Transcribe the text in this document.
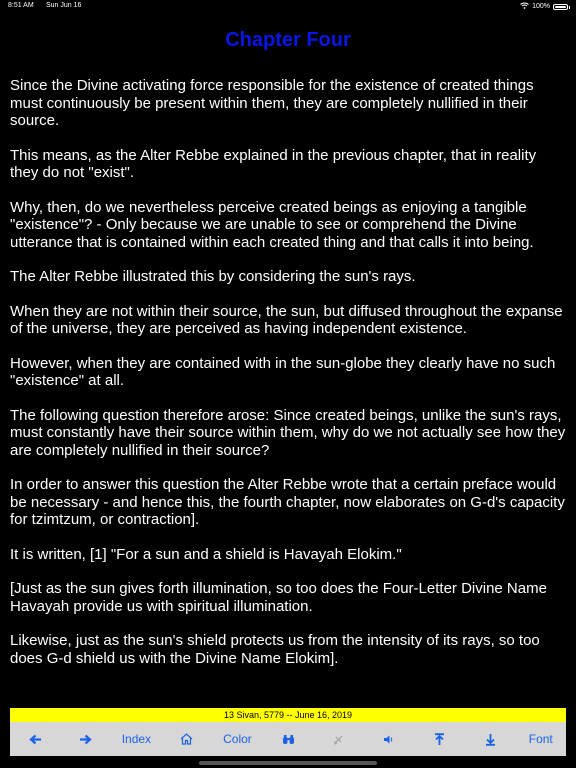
8:51 AM Sun Jun 16	100%
Chapter Four

Since the Divine activating force responsible for the existence of created things must continuously be present within them, they are completely nullified in their source.

This means, as the Alter Rebbe explained in the previous chapter, that in reality they do not "exist".

Why, then, do we nevertheless perceive created beings as enjoying a tangible "existence"? - Only because we are unable to see or comprehend the Divine utterance that is contained within each created thing and that calls it into being.

The Alter Rebbe illustrated this by considering the sun's rays.

When they are not within their source, the sun, but diffused throughout the expanse of the universe, they are perceived as having independent existence.

However, when they are contained with in the sun-globe they clearly have no such "existence" at all.

The following question therefore arose: Since created beings, unlike the sun's rays, must constantly have their source within them, why do we not actually see how they are completely nullified in their source?

In order to answer this question the Alter Rebbe wrote that a certain preface would be necessary - and hence this, the fourth chapter, now elaborates on G-d's capacity for tzimtzum, or contraction].

It is written, [1] "For a sun and a shield is Havayah Elokim."

[Just as the sun gives forth illumination, so too does the Four-Letter Divine Name Havayah provide us with spiritual illumination.

Likewise, just as the sun's shield protects us from the intensity of its rays, so too does G-d shield us with the Divine Name Elokim].

13 Sivan, 5779 -- June 16, 2019
Index	Color	Font
